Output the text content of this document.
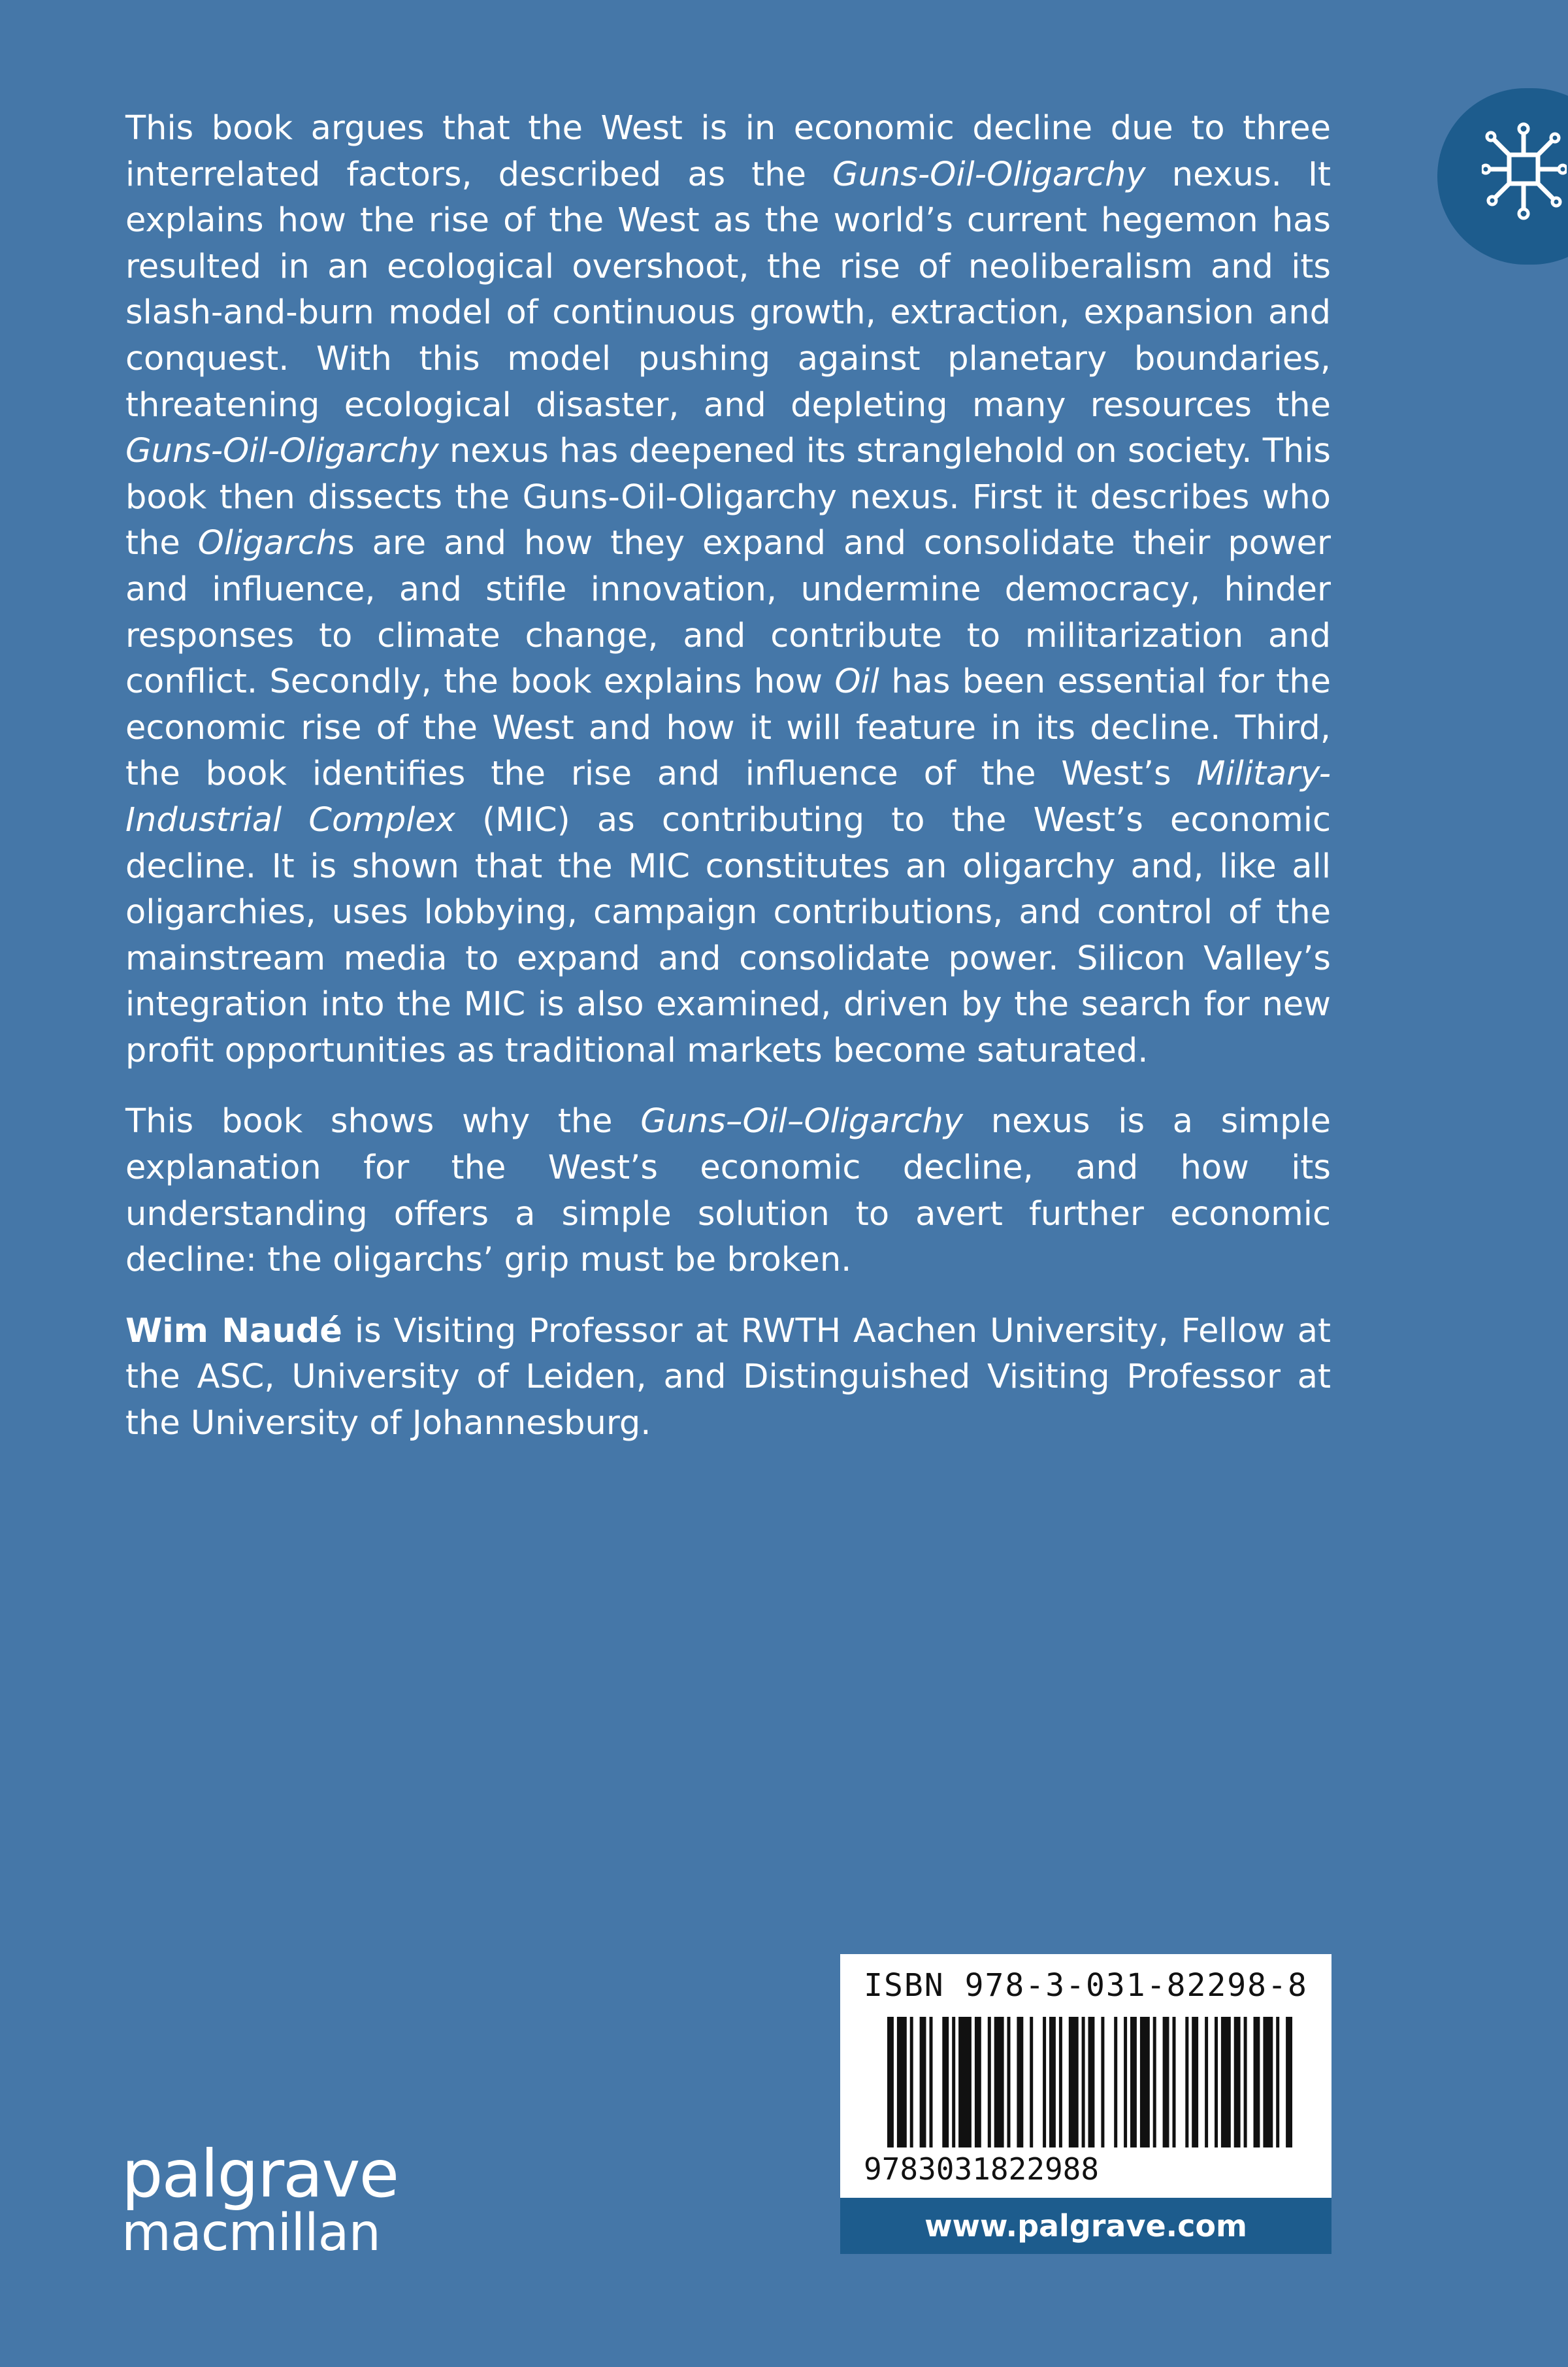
This book argues that the West is in economic decline due to three interrelated factors, described as the Guns-Oil-Oligarchy nexus. It explains how the rise of the West as the world’s current hegemon has resulted in an ecological overshoot, the rise of neoliberalism and its slash-and-burn model of continuous growth, extraction, expansion and conquest. With this model pushing against planetary boundaries, threatening ecological disaster, and depleting many resources the Guns-Oil-Oligarchy nexus has deepened its stranglehold on society. This book then dissects the Guns-Oil-Oligarchy nexus. First it describes who the Oligarchs are and how they expand and consolidate their power and influence, and stifle innovation, undermine democracy, hinder responses to climate change, and contribute to militarization and conflict. Secondly, the book explains how Oil has been essential for the economic rise of the West and how it will feature in its decline. Third, the book identifies the rise and influence of the West’s Military-Industrial Complex (MIC) as contributing to the West’s economic decline. It is shown that the MIC constitutes an oligarchy and, like all oligarchies, uses lobbying, campaign contributions, and control of the mainstream media to expand and consolidate power. Silicon Valley’s integration into the MIC is also examined, driven by the search for new profit opportunities as traditional markets become saturated.

This book shows why the Guns–Oil–Oligarchy nexus is a simple explanation for the West’s economic decline, and how its understanding offers a simple solution to avert further economic decline: the oligarchs’ grip must be broken.

Wim Naudé is Visiting Professor at RWTH Aachen University, Fellow at the ASC, University of Leiden, and Distinguished Visiting Professor at the University of Johannesburg.

palgrave
macmillan
ISBN 978-3-031-82298-8
9783031822988
www.palgrave.com
